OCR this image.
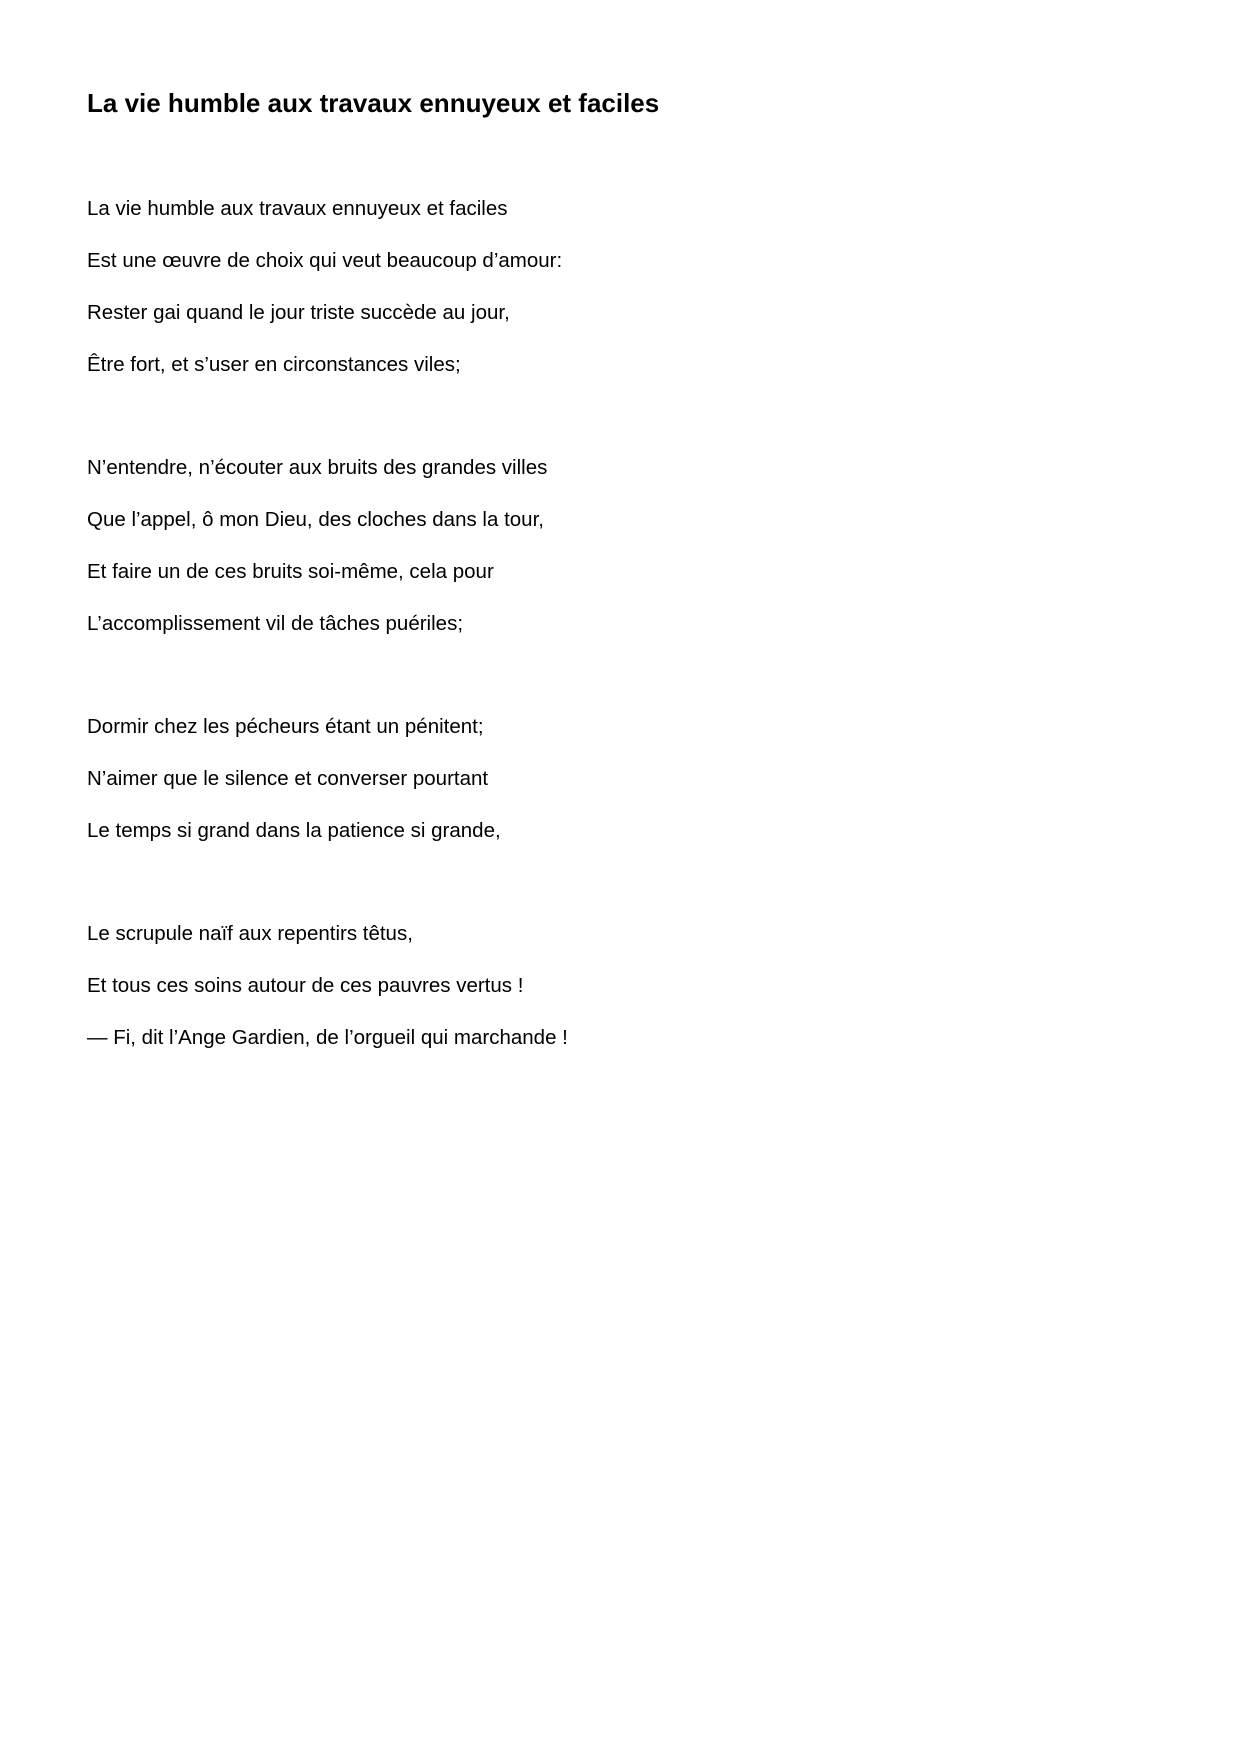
La vie humble aux travaux ennuyeux et faciles
La vie humble aux travaux ennuyeux et faciles
Est une œuvre de choix qui veut beaucoup d’amour:
Rester gai quand le jour triste succède au jour,
Être fort, et s’user en circonstances viles;
N’entendre, n’écouter aux bruits des grandes villes
Que l’appel, ô mon Dieu, des cloches dans la tour,
Et faire un de ces bruits soi-même, cela pour
L’accomplissement vil de tâches puériles;
Dormir chez les pécheurs étant un pénitent;
N’aimer que le silence et converser pourtant
Le temps si grand dans la patience si grande,
Le scrupule naïf aux repentirs têtus,
Et tous ces soins autour de ces pauvres vertus !
— Fi, dit l’Ange Gardien, de l’orgueil qui marchande !
